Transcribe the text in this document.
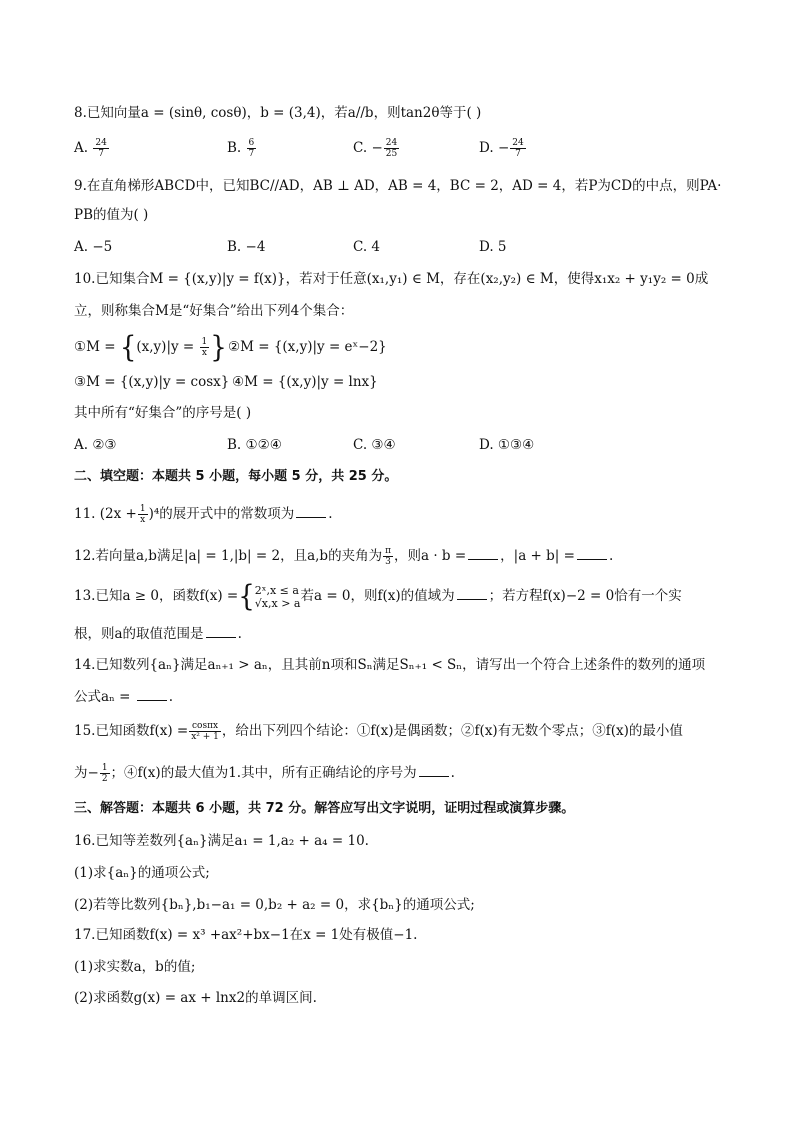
8.已知向量a = (sinθ, cosθ)，b = (3,4)，若a//b，则tan2θ等于( )
A. $\frac{24}{7}$	B. $\frac{6}{7}$	C. − $\frac{24}{25}$	D. − $\frac{24}{7}$
9.在直角梯形ABCD中，已知BC//AD，AB ⊥ AD，AB = 4，BC = 2，AD = 4，若P为CD的中点，则PA·
PB的值为( )
A. −5	B. −4	C. 4	D. 5
10.已知集合M = {(x,y)|y = f(x)}，若对于任意(x₁,y₁) ∈ M，存在(x₂,y₂) ∈ M，使得x₁x₂ + y₁y₂ = 0成
立，则称集合M是“好集合”给出下列4个集合：
①M = {$(x,y)|y = \frac{1}{x}$ } ②M = {(x,y)|y = eˣ−2}
③M = {(x,y)|y = cosx} ④M = {(x,y)|y = lnx}
其中所有“好集合”的序号是( )
A. ②③	B. ①②④	C. ③④	D. ①③④
二、填空题：本题共 5 小题，每小题 5 分，共 25 分。
11. $(2x + \frac{1}{x} )^4$的展开式中的常数项为	.
12.若向量a,b满足|a| = 1,|b| = 2，且a,b的夹角为 $\frac{\pi}{3}$ ，则a · b =	，|a + b| =	.
13.已知a ≥ 0，函数f(x) ={ 2ˣ,x ≤ a
√x,x > a 若a = 0，则f(x)的值域为	；若方程f(x)−2 = 0恰有一个实
根，则a的取值范围是	.
14.已知数列{aₙ}满足aₙ₊₁ > aₙ，且其前n项和Sₙ满足Sₙ₊₁ < Sₙ，请写出一个符合上述条件的数列的通项
公式aₙ =	.
15.已知函数$f(x) = \frac{\cos\pi x}{\text{x² + 1}}$ ，给出下列四个结论：①f(x)是偶函数；②f(x)有无数个零点；③f(x)的最小值
为− $\frac{1}{2}$ ；④f(x)的最大值为1.其中，所有正确结论的序号为	.
三、解答题：本题共 6 小题，共 72 分。解答应写出文字说明，证明过程或演算步骤。
16.已知等差数列{aₙ}满足a₁ = 1,a₂ + a₄ = 10.
(1)求{aₙ}的通项公式;
(2)若等比数列{bₙ},b₁−a₁ = 0,b₂ + a₂ = 0，求{bₙ}的通项公式;
17.已知函数f(x) = x³ +ax²+bx−1在x = 1处有极值−1.
(1)求实数a，b的值;
(2)求函数g(x) = ax + lnx2的单调区间.
